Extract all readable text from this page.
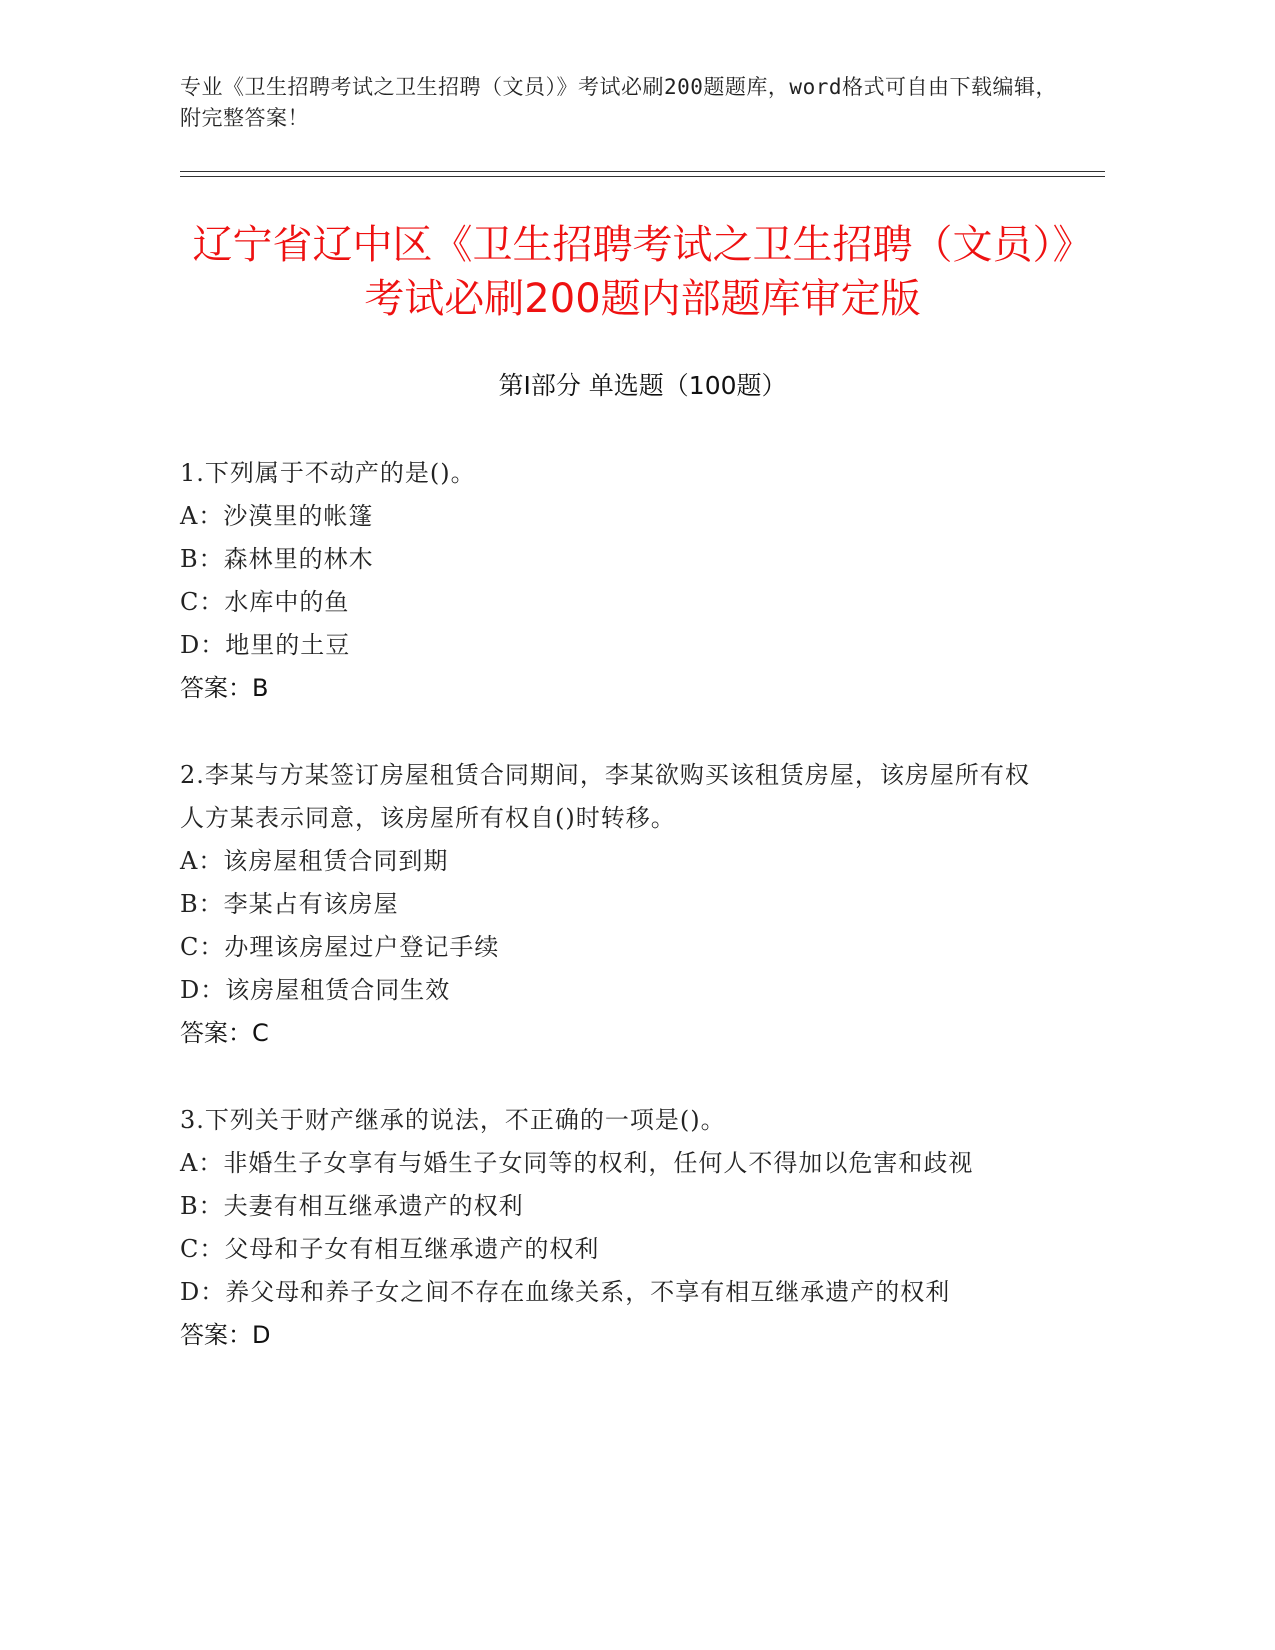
专业《卫生招聘考试之卫生招聘（文员）》考试必刷200题题库，word格式可自由下载编辑，附完整答案！
辽宁省辽中区《卫生招聘考试之卫生招聘（文员）》考试必刷200题内部题库审定版
第Ⅰ部分 单选题（100题）
1.下列属于不动产的是()。
A：沙漠里的帐篷
B：森林里的林木
C：水库中的鱼
D：地里的土豆
答案：B
2.李某与方某签订房屋租赁合同期间，李某欲购买该租赁房屋，该房屋所有权人方某表示同意，该房屋所有权自()时转移。
A：该房屋租赁合同到期
B：李某占有该房屋
C：办理该房屋过户登记手续
D：该房屋租赁合同生效
答案：C
3.下列关于财产继承的说法，不正确的一项是()。
A：非婚生子女享有与婚生子女同等的权利，任何人不得加以危害和歧视
B：夫妻有相互继承遗产的权利
C：父母和子女有相互继承遗产的权利
D：养父母和养子女之间不存在血缘关系，不享有相互继承遗产的权利
答案：D
